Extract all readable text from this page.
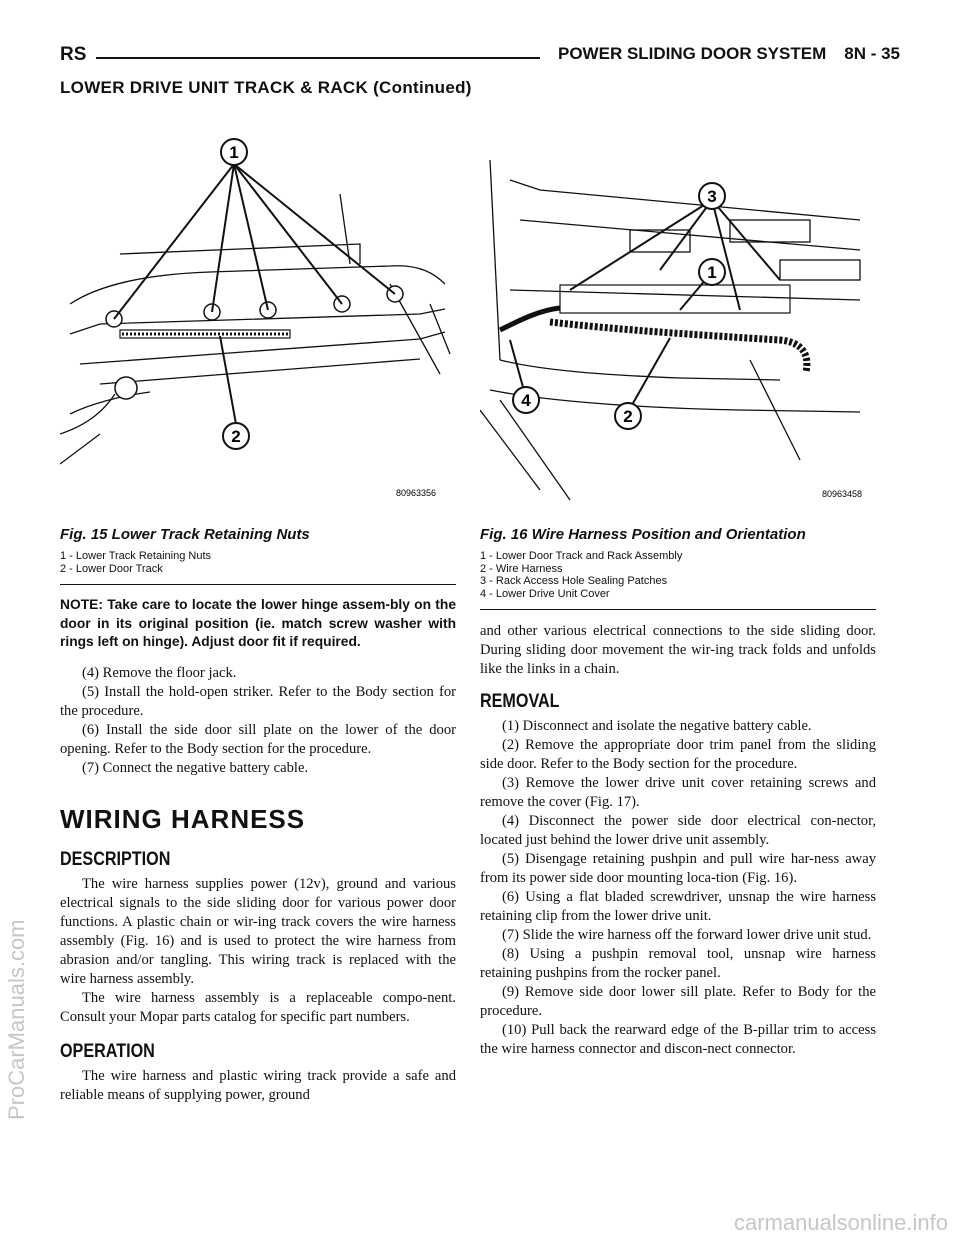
RS	POWER SLIDING DOOR SYSTEM 8N - 35
LOWER DRIVE UNIT TRACK & RACK (Continued)
1
2
80963356
Fig. 15 Lower Track Retaining Nuts
1 - Lower Track Retaining Nuts
2 - Lower Door Track
3
1
4
2
80963458
Fig. 16 Wire Harness Position and Orientation
1 - Lower Door Track and Rack Assembly
2 - Wire Harness
3 - Rack Access Hole Sealing Patches
4 - Lower Drive Unit Cover

NOTE: Take care to locate the lower hinge assem-bly on the door in its original position (ie. match screw washer with rings left on hinge). Adjust door fit if required.

(4) Remove the floor jack.

(5) Install the hold-open striker. Refer to the Body section for the procedure.

(6) Install the side door sill plate on the lower of the door opening. Refer to the Body section for the procedure.

(7) Connect the negative battery cable.

WIRING HARNESS
DESCRIPTION

The wire harness supplies power (12v), ground and various electrical signals to the side sliding door for various power door functions. A plastic chain or wir-ing track covers the wire harness assembly (Fig. 16) and is used to protect the wire harness from abrasion and/or tangling. This wiring track is replaced with the wire harness assembly.

The wire harness assembly is a replaceable compo-nent. Consult your Mopar parts catalog for specific part numbers.

OPERATION

The wire harness and plastic wiring track provide a safe and reliable means of supplying power, ground

and other various electrical connections to the side sliding door. During sliding door movement the wir-ing track folds and unfolds like the links in a chain.

REMOVAL

(1) Disconnect and isolate the negative battery cable.

(2) Remove the appropriate door trim panel from the sliding side door. Refer to the Body section for the procedure.

(3) Remove the lower drive unit cover retaining screws and remove the cover (Fig. 17).

(4) Disconnect the power side door electrical con-nector, located just behind the lower drive unit assembly.

(5) Disengage retaining pushpin and pull wire har-ness away from its power side door mounting loca-tion (Fig. 16).

(6) Using a flat bladed screwdriver, unsnap the wire harness retaining clip from the lower drive unit.

(7) Slide the wire harness off the forward lower drive unit stud.

(8) Using a pushpin removal tool, unsnap wire harness retaining pushpins from the rocker panel.

(9) Remove side door lower sill plate. Refer to Body for the procedure.

(10) Pull back the rearward edge of the B-pillar trim to access the wire harness connector and discon-nect connector.

ProCarManuals.com
carmanualsonline.info
